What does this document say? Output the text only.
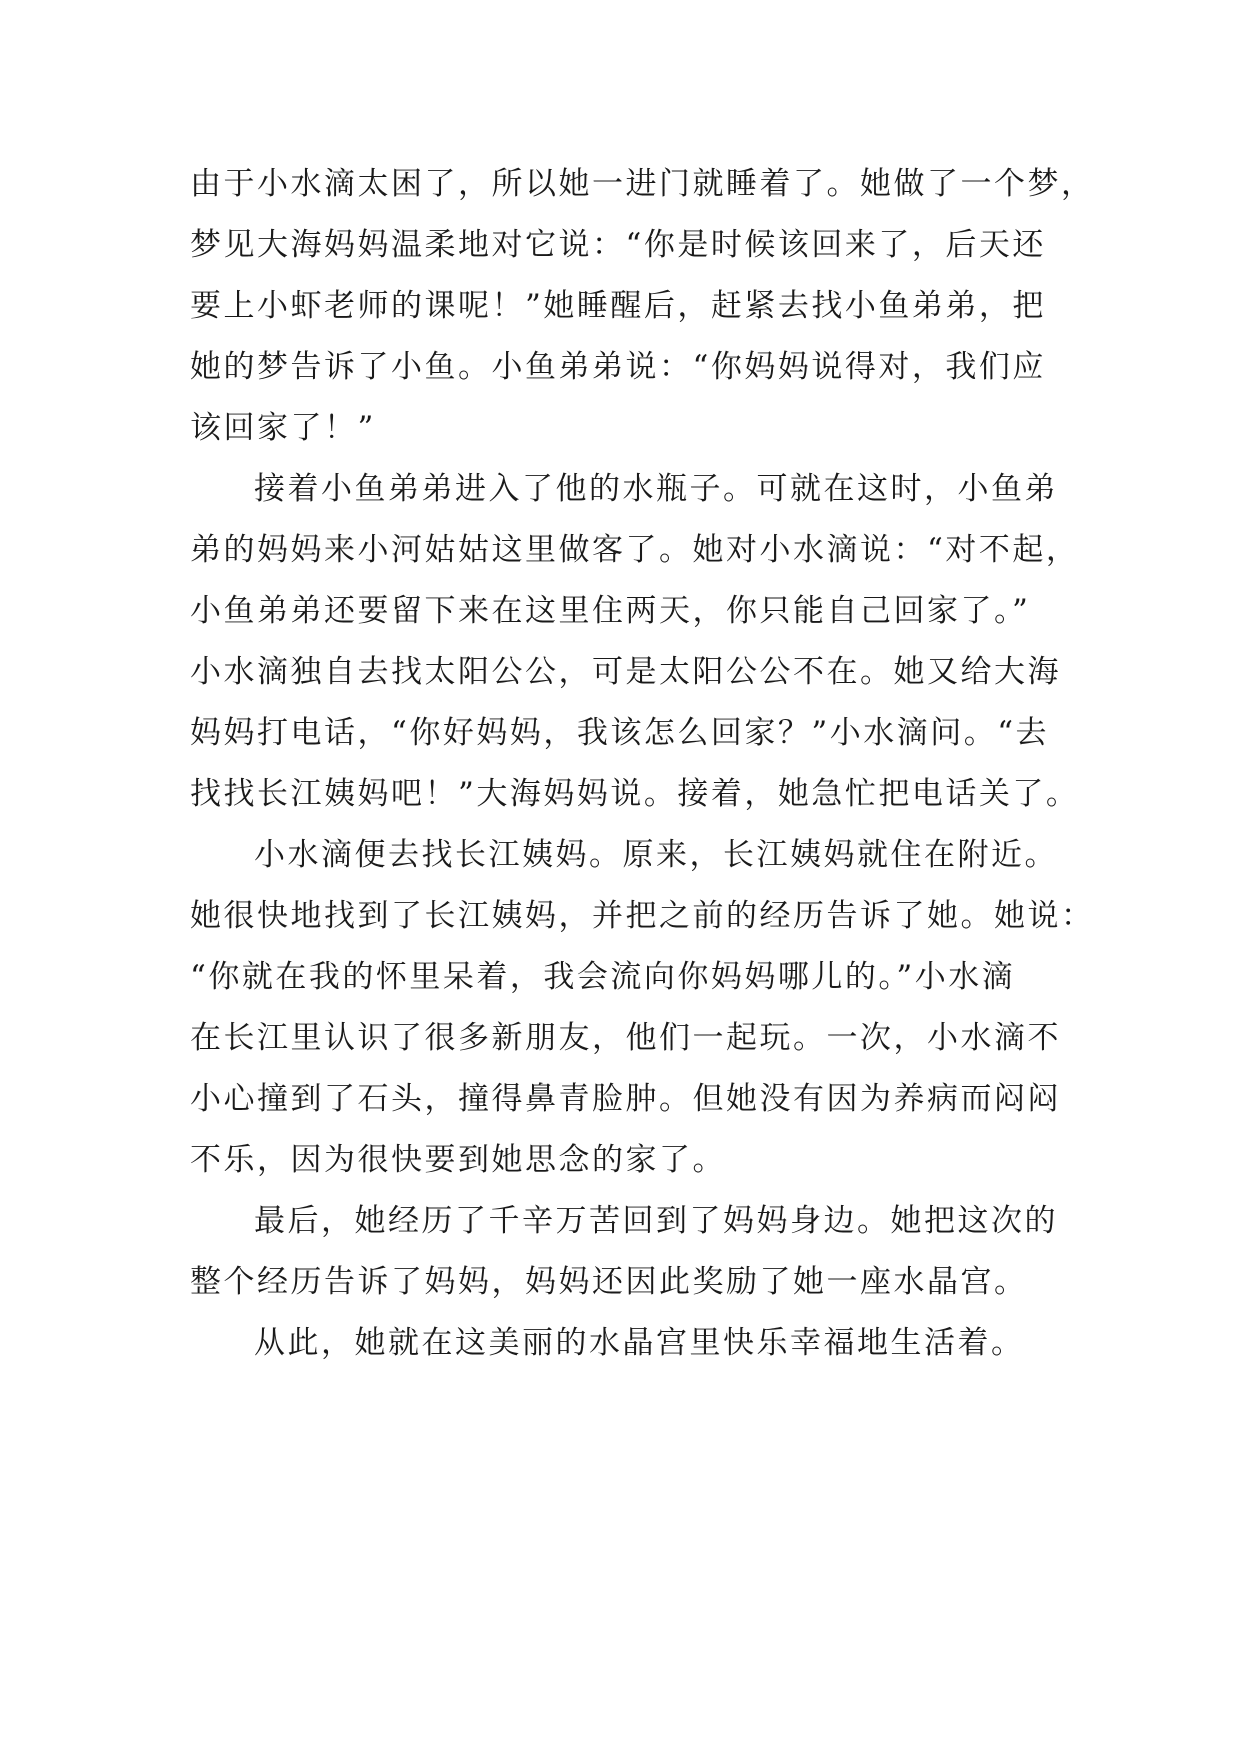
由于小水滴太困了，所以她一进门就睡着了。她做了一个梦，
梦见大海妈妈温柔地对它说：“你是时候该回来了，后天还
要上小虾老师的课呢！”她睡醒后，赶紧去找小鱼弟弟，把
她的梦告诉了小鱼。小鱼弟弟说：“你妈妈说得对，我们应
该回家了！”
接着小鱼弟弟进入了他的水瓶子。可就在这时，小鱼弟
弟的妈妈来小河姑姑这里做客了。她对小水滴说：“对不起，
小鱼弟弟还要留下来在这里住两天，你只能自己回家了。”
小水滴独自去找太阳公公，可是太阳公公不在。她又给大海
妈妈打电话，“你好妈妈，我该怎么回家？”小水滴问。“去
找找长江姨妈吧！”大海妈妈说。接着，她急忙把电话关了。
小水滴便去找长江姨妈。原来，长江姨妈就住在附近。
她很快地找到了长江姨妈，并把之前的经历告诉了她。她说：
“你就在我的怀里呆着，我会流向你妈妈哪儿的。”小水滴
在长江里认识了很多新朋友，他们一起玩。一次，小水滴不
小心撞到了石头，撞得鼻青脸肿。但她没有因为养病而闷闷
不乐，因为很快要到她思念的家了。
最后，她经历了千辛万苦回到了妈妈身边。她把这次的
整个经历告诉了妈妈，妈妈还因此奖励了她一座水晶宫。
从此，她就在这美丽的水晶宫里快乐幸福地生活着。
